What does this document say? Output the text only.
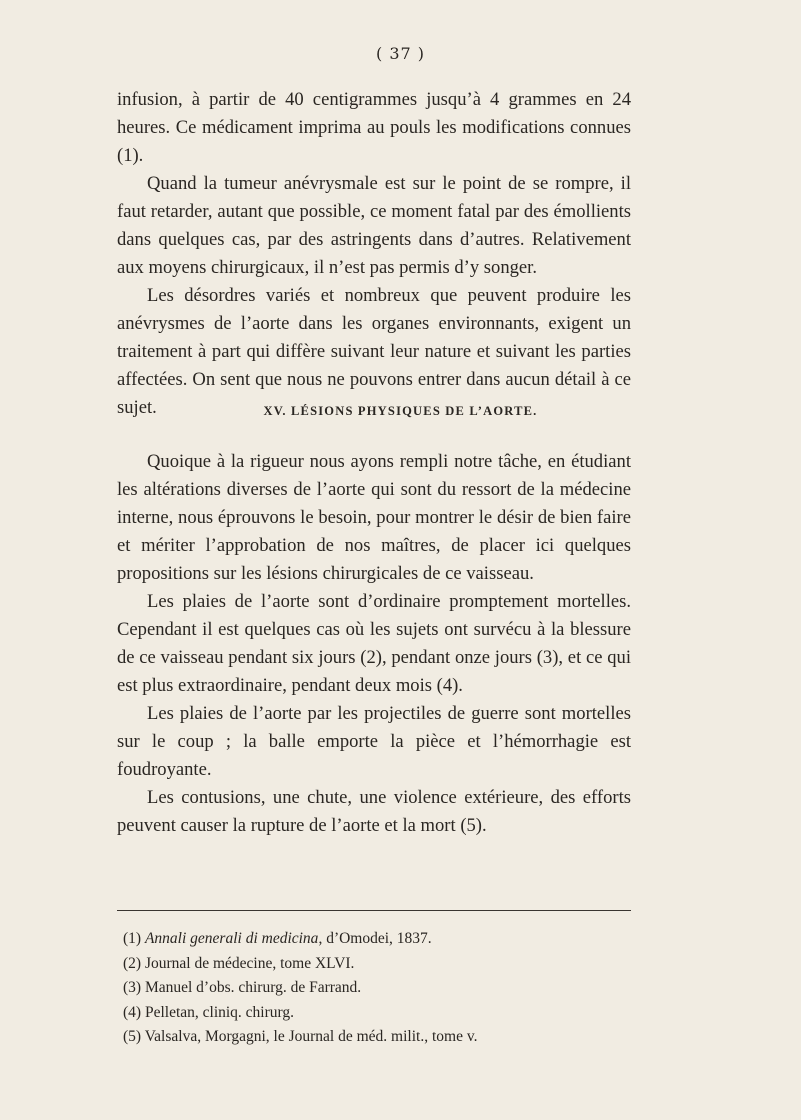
( 37 )

infusion, à partir de 40 centigrammes jusqu’à 4 grammes en 24 heures. Ce médicament imprima au pouls les modifications connues (1).

Quand la tumeur anévrysmale est sur le point de se rompre, il faut retarder, autant que possible, ce moment fatal par des émollients dans quelques cas, par des astringents dans d’autres. Relativement aux moyens chirurgicaux, il n’est pas permis d’y songer.

Les désordres variés et nombreux que peuvent produire les anévrysmes de l’aorte dans les organes environnants, exigent un traitement à part qui diffère suivant leur nature et suivant les parties affectées. On sent que nous ne pouvons entrer dans aucun détail à ce sujet.	XV. LÉSIONS PHYSIQUES DE L’AORTE.

Quoique à la rigueur nous ayons rempli notre tâche, en étudiant les altérations diverses de l’aorte qui sont du ressort de la médecine interne, nous éprouvons le besoin, pour montrer le désir de bien faire et mériter l’approbation de nos maîtres, de placer ici quelques propositions sur les lésions chirurgicales de ce vaisseau.

Les plaies de l’aorte sont d’ordinaire promptement mortelles. Cependant il est quelques cas où les sujets ont survécu à la blessure de ce vaisseau pendant six jours (2), pendant onze jours (3), et ce qui est plus extraordinaire, pendant deux mois (4).

Les plaies de l’aorte par les projectiles de guerre sont mortelles sur le coup ; la balle emporte la pièce et l’hémorrhagie est foudroyante.

Les contusions, une chute, une violence extérieure, des efforts peuvent causer la rupture de l’aorte et la mort (5).

(1) Annali generali di medicina, d’Omodei, 1837.
(2) Journal de médecine, tome XLVI.
(3) Manuel d’obs. chirurg. de Farrand.
(4) Pelletan, cliniq. chirurg.
(5) Valsalva, Morgagni, le Journal de méd. milit., tome v.
